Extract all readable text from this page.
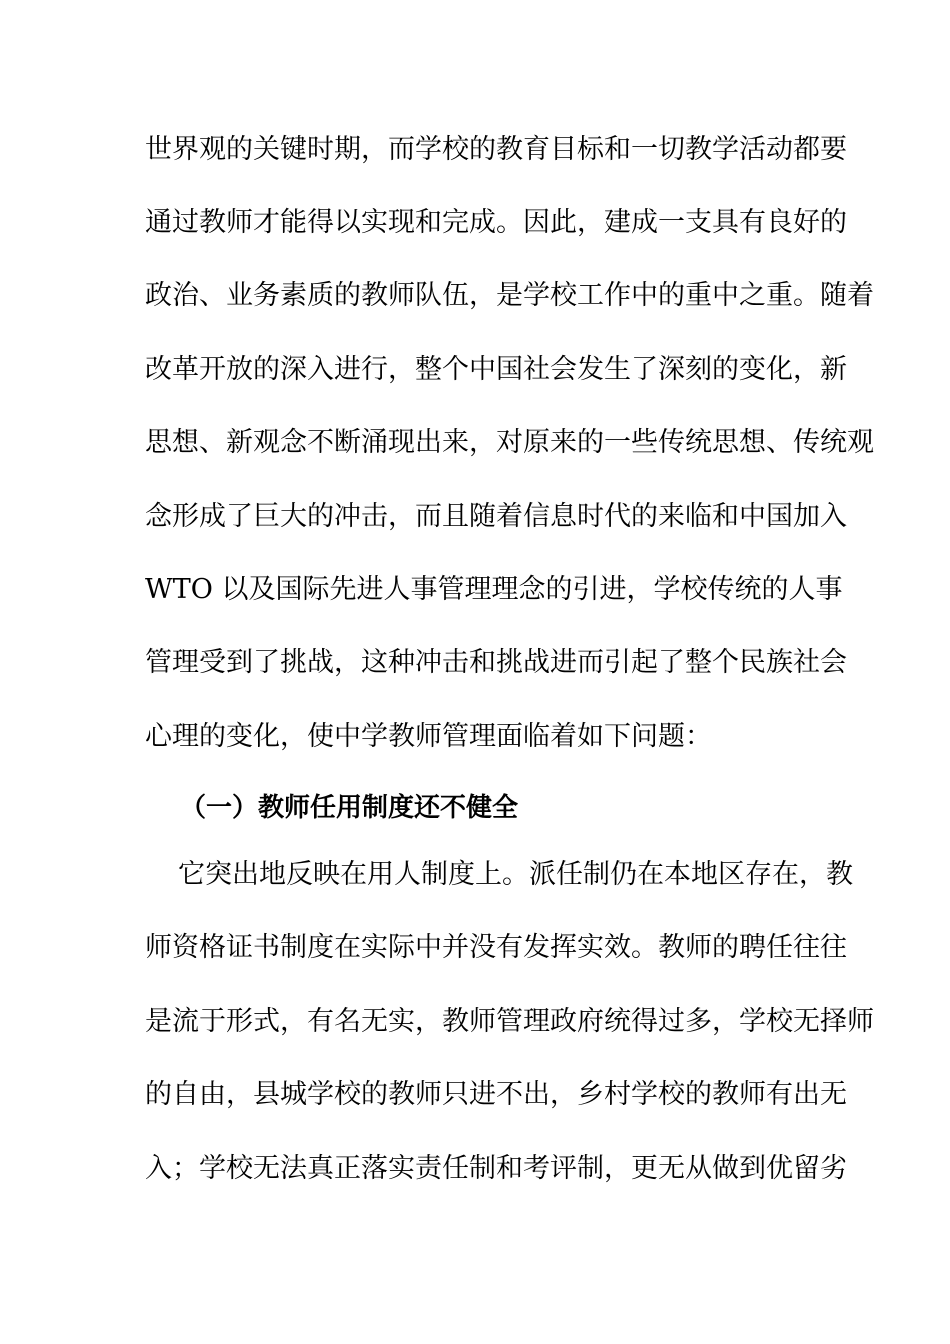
世界观的关键时期，而学校的教育目标和一切教学活动都要
通过教师才能得以实现和完成。因此，建成一支具有良好的
政治、业务素质的教师队伍，是学校工作中的重中之重。随着
改革开放的深入进行，整个中国社会发生了深刻的变化，新
思想、新观念不断涌现出来，对原来的一些传统思想、传统观
念形成了巨大的冲击，而且随着信息时代的来临和中国加入
WTO 以及国际先进人事管理理念的引进，学校传统的人事
管理受到了挑战，这种冲击和挑战进而引起了整个民族社会
心理的变化，使中学教师管理面临着如下问题：
（一）教师任用制度还不健全
它突出地反映在用人制度上。派任制仍在本地区存在，教
师资格证书制度在实际中并没有发挥实效。教师的聘任往往
是流于形式，有名无实，教师管理政府统得过多，学校无择师
的自由，县城学校的教师只进不出，乡村学校的教师有出无
入；学校无法真正落实责任制和考评制，更无从做到优留劣
